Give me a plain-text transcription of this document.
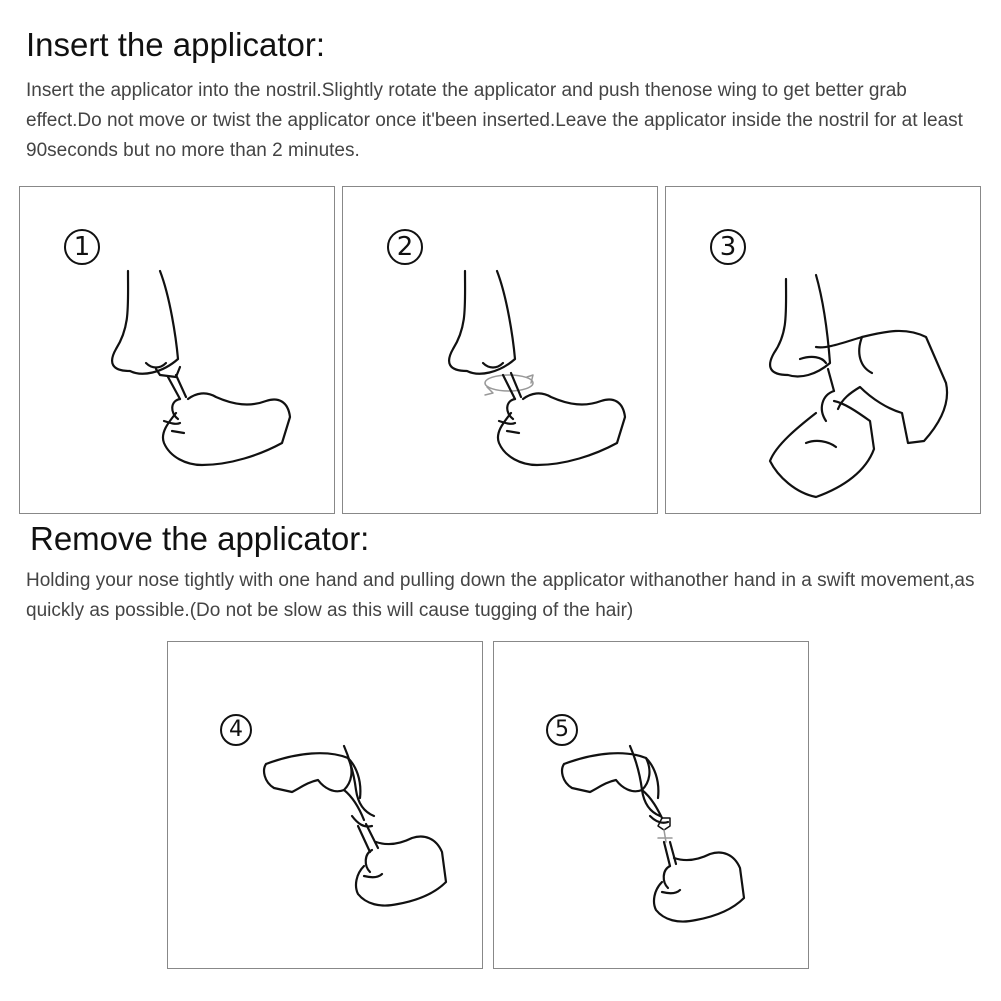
Insert the applicator:

Insert the applicator into the nostril.Slightly rotate the applicator and push thenose wing to get better grab effect.Do not move or twist the applicator once it'been inserted.Leave the applicator inside the nostril for at least 90seconds but no more than 2 minutes.

1	2	3
Remove the applicator:

Holding your nose tightly with one hand and pulling down the applicator withanother hand in a swift movement,as quickly as possible.(Do not be slow as this will cause tugging of the hair)

4	5
